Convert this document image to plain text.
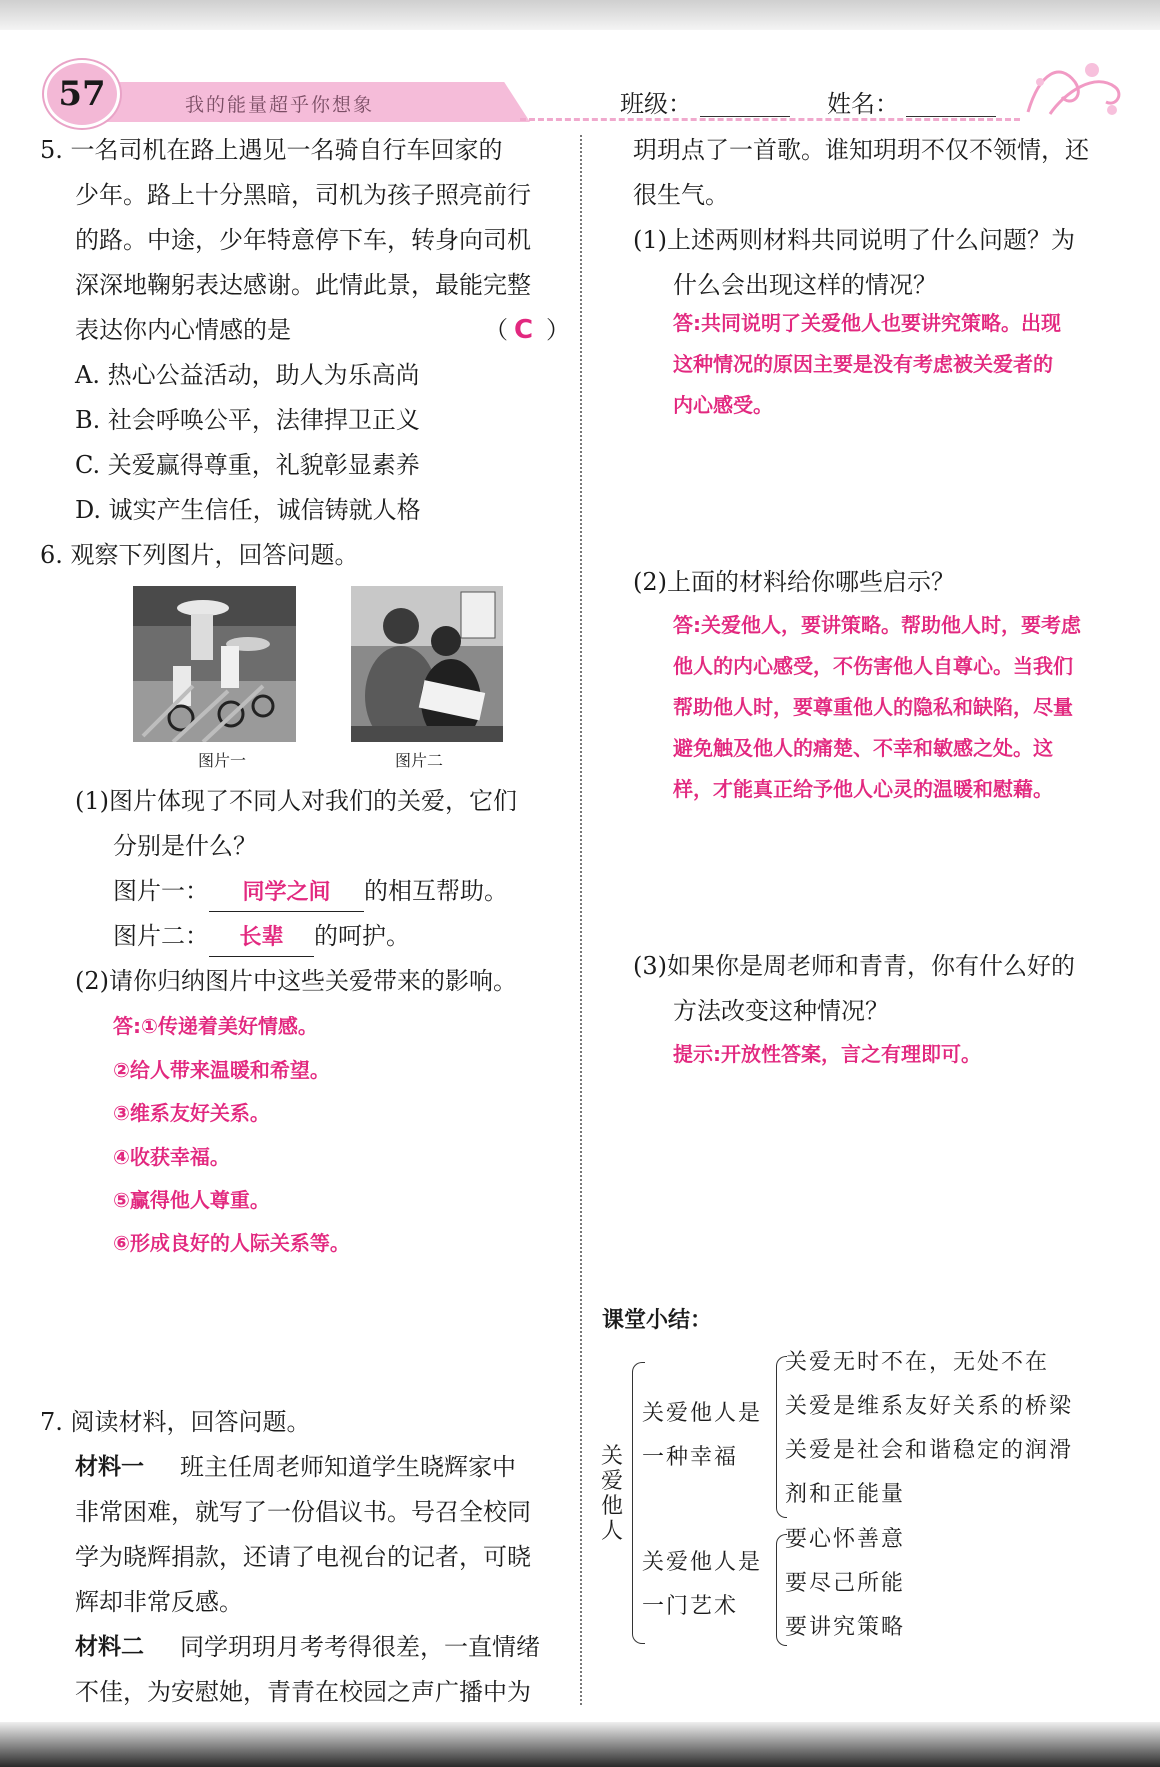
57	我的能量超乎你想象	班级：	姓名：
5. 一名司机在路上遇见一名骑自行车回家的
少年。路上十分黑暗，司机为孩子照亮前行
的路。中途，少年特意停下车，转身向司机
深深地鞠躬表达感谢。此情此景，最能完整
表达你内心情感的是	（ C ）
A. 热心公益活动，助人为乐高尚
B. 社会呼唤公平，法律捍卫正义
C. 关爱赢得尊重，礼貌彰显素养
D. 诚实产生信任，诚信铸就人格
6. 观察下列图片，回答问题。
图片一	图片二
(1)图片体现了不同人对我们的关爱，它们
分别是什么？
图片一： 同学之间 的相互帮助。
图片二： 长辈 的呵护。
(2)请你归纳图片中这些关爱带来的影响。
答:①传递着美好情感。
②给人带来温暖和希望。
③维系友好关系。
④收获幸福。
⑤赢得他人尊重。
⑥形成良好的人际关系等。
7. 阅读材料，回答问题。
材料一 班主任周老师知道学生晓辉家中
非常困难，就写了一份倡议书。号召全校同
学为晓辉捐款，还请了电视台的记者，可晓
辉却非常反感。
材料二 同学玥玥月考考得很差，一直情绪
不佳，为安慰她，青青在校园之声广播中为
玥玥点了一首歌。谁知玥玥不仅不领情，还
很生气。
(1)上述两则材料共同说明了什么问题？为
什么会出现这样的情况？
答:共同说明了关爱他人也要讲究策略。出现
这种情况的原因主要是没有考虑被关爱者的
内心感受。
(2)上面的材料给你哪些启示？
答:关爱他人，要讲策略。帮助他人时，要考虑
他人的内心感受，不伤害他人自尊心。当我们
帮助他人时，要尊重他人的隐私和缺陷，尽量
避免触及他人的痛楚、不幸和敏感之处。这
样，才能真正给予他人心灵的温暖和慰藉。
(3)如果你是周老师和青青，你有什么好的
方法改变这种情况？
提示:开放性答案，言之有理即可。
课堂小结：
关
爱
他
人
关爱他人是
一种幸福
关爱无时不在，无处不在
关爱是维系友好关系的桥梁
关爱是社会和谐稳定的润滑
剂和正能量
关爱他人是
一门艺术
要心怀善意
要尽己所能
要讲究策略
